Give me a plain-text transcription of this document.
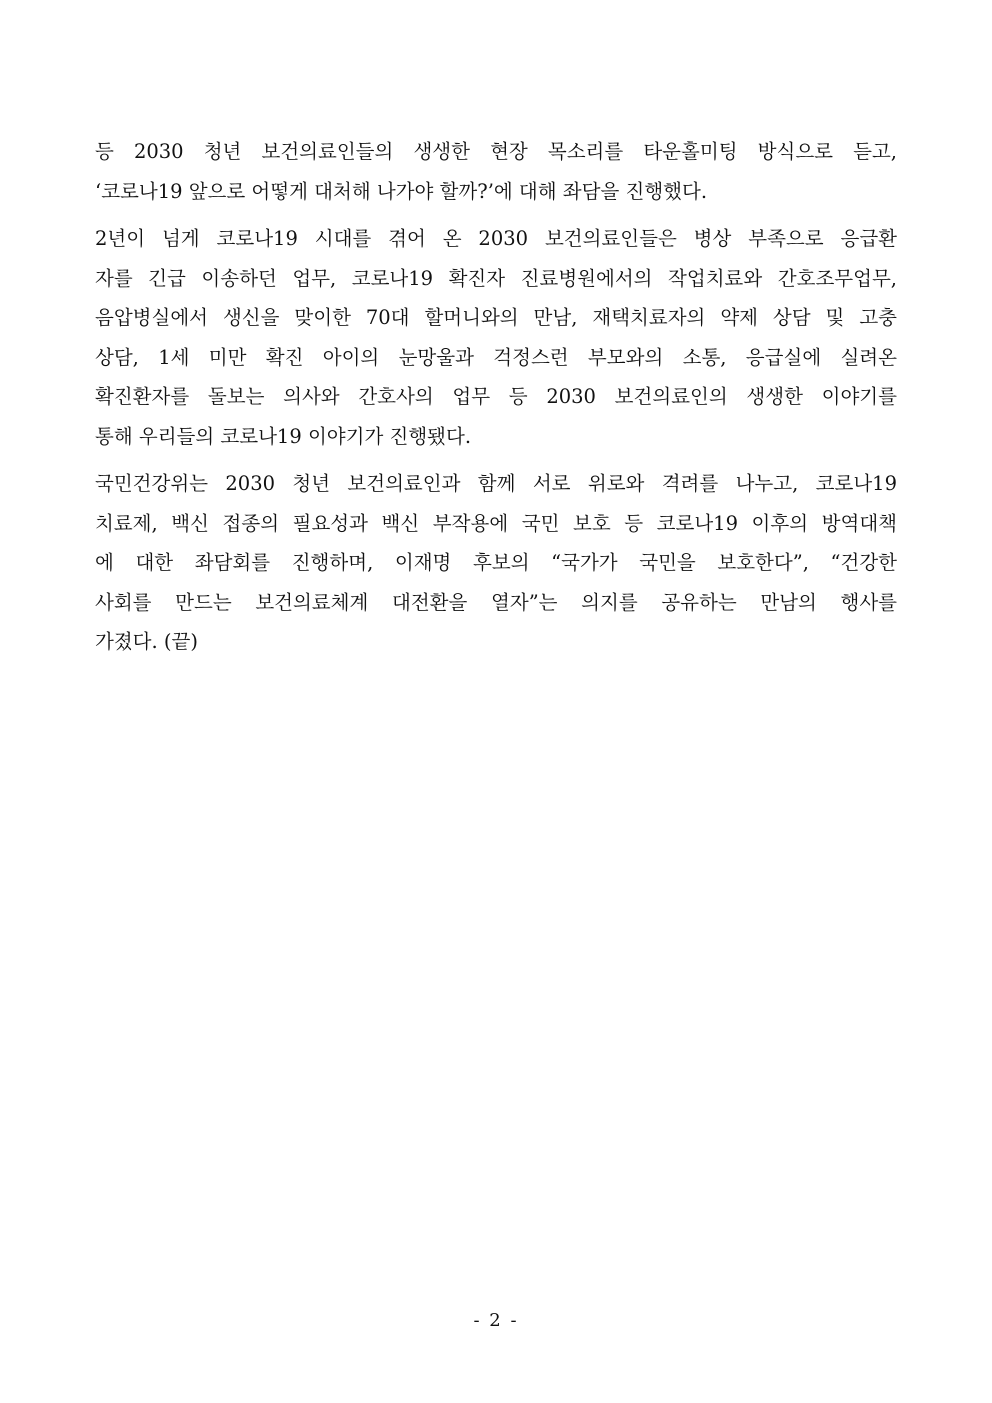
등 2030 청년 보건의료인들의 생생한 현장 목소리를 타운홀미팅 방식으로 듣고,
‘코로나19 앞으로 어떻게 대처해 나가야 할까?’에 대해 좌담을 진행했다.

2년이 넘게 코로나19 시대를 겪어 온 2030 보건의료인들은 병상 부족으로 응급환
자를 긴급 이송하던 업무, 코로나19 확진자 진료병원에서의 작업치료와 간호조무업무,
음압병실에서 생신을 맞이한 70대 할머니와의 만남, 재택치료자의 약제 상담 및 고충
상담, 1세 미만 확진 아이의 눈망울과 걱정스런 부모와의 소통, 응급실에 실려온
확진환자를 돌보는 의사와 간호사의 업무 등 2030 보건의료인의 생생한 이야기를
통해 우리들의 코로나19 이야기가 진행됐다.

국민건강위는 2030 청년 보건의료인과 함께 서로 위로와 격려를 나누고, 코로나19
치료제, 백신 접종의 필요성과 백신 부작용에 국민 보호 등 코로나19 이후의 방역대책
에 대한 좌담회를 진행하며, 이재명 후보의 “국가가 국민을 보호한다”, “건강한
사회를 만드는 보건의료체계 대전환을 열자”는 의지를 공유하는 만남의 행사를
가졌다. (끝)

- 2 -
